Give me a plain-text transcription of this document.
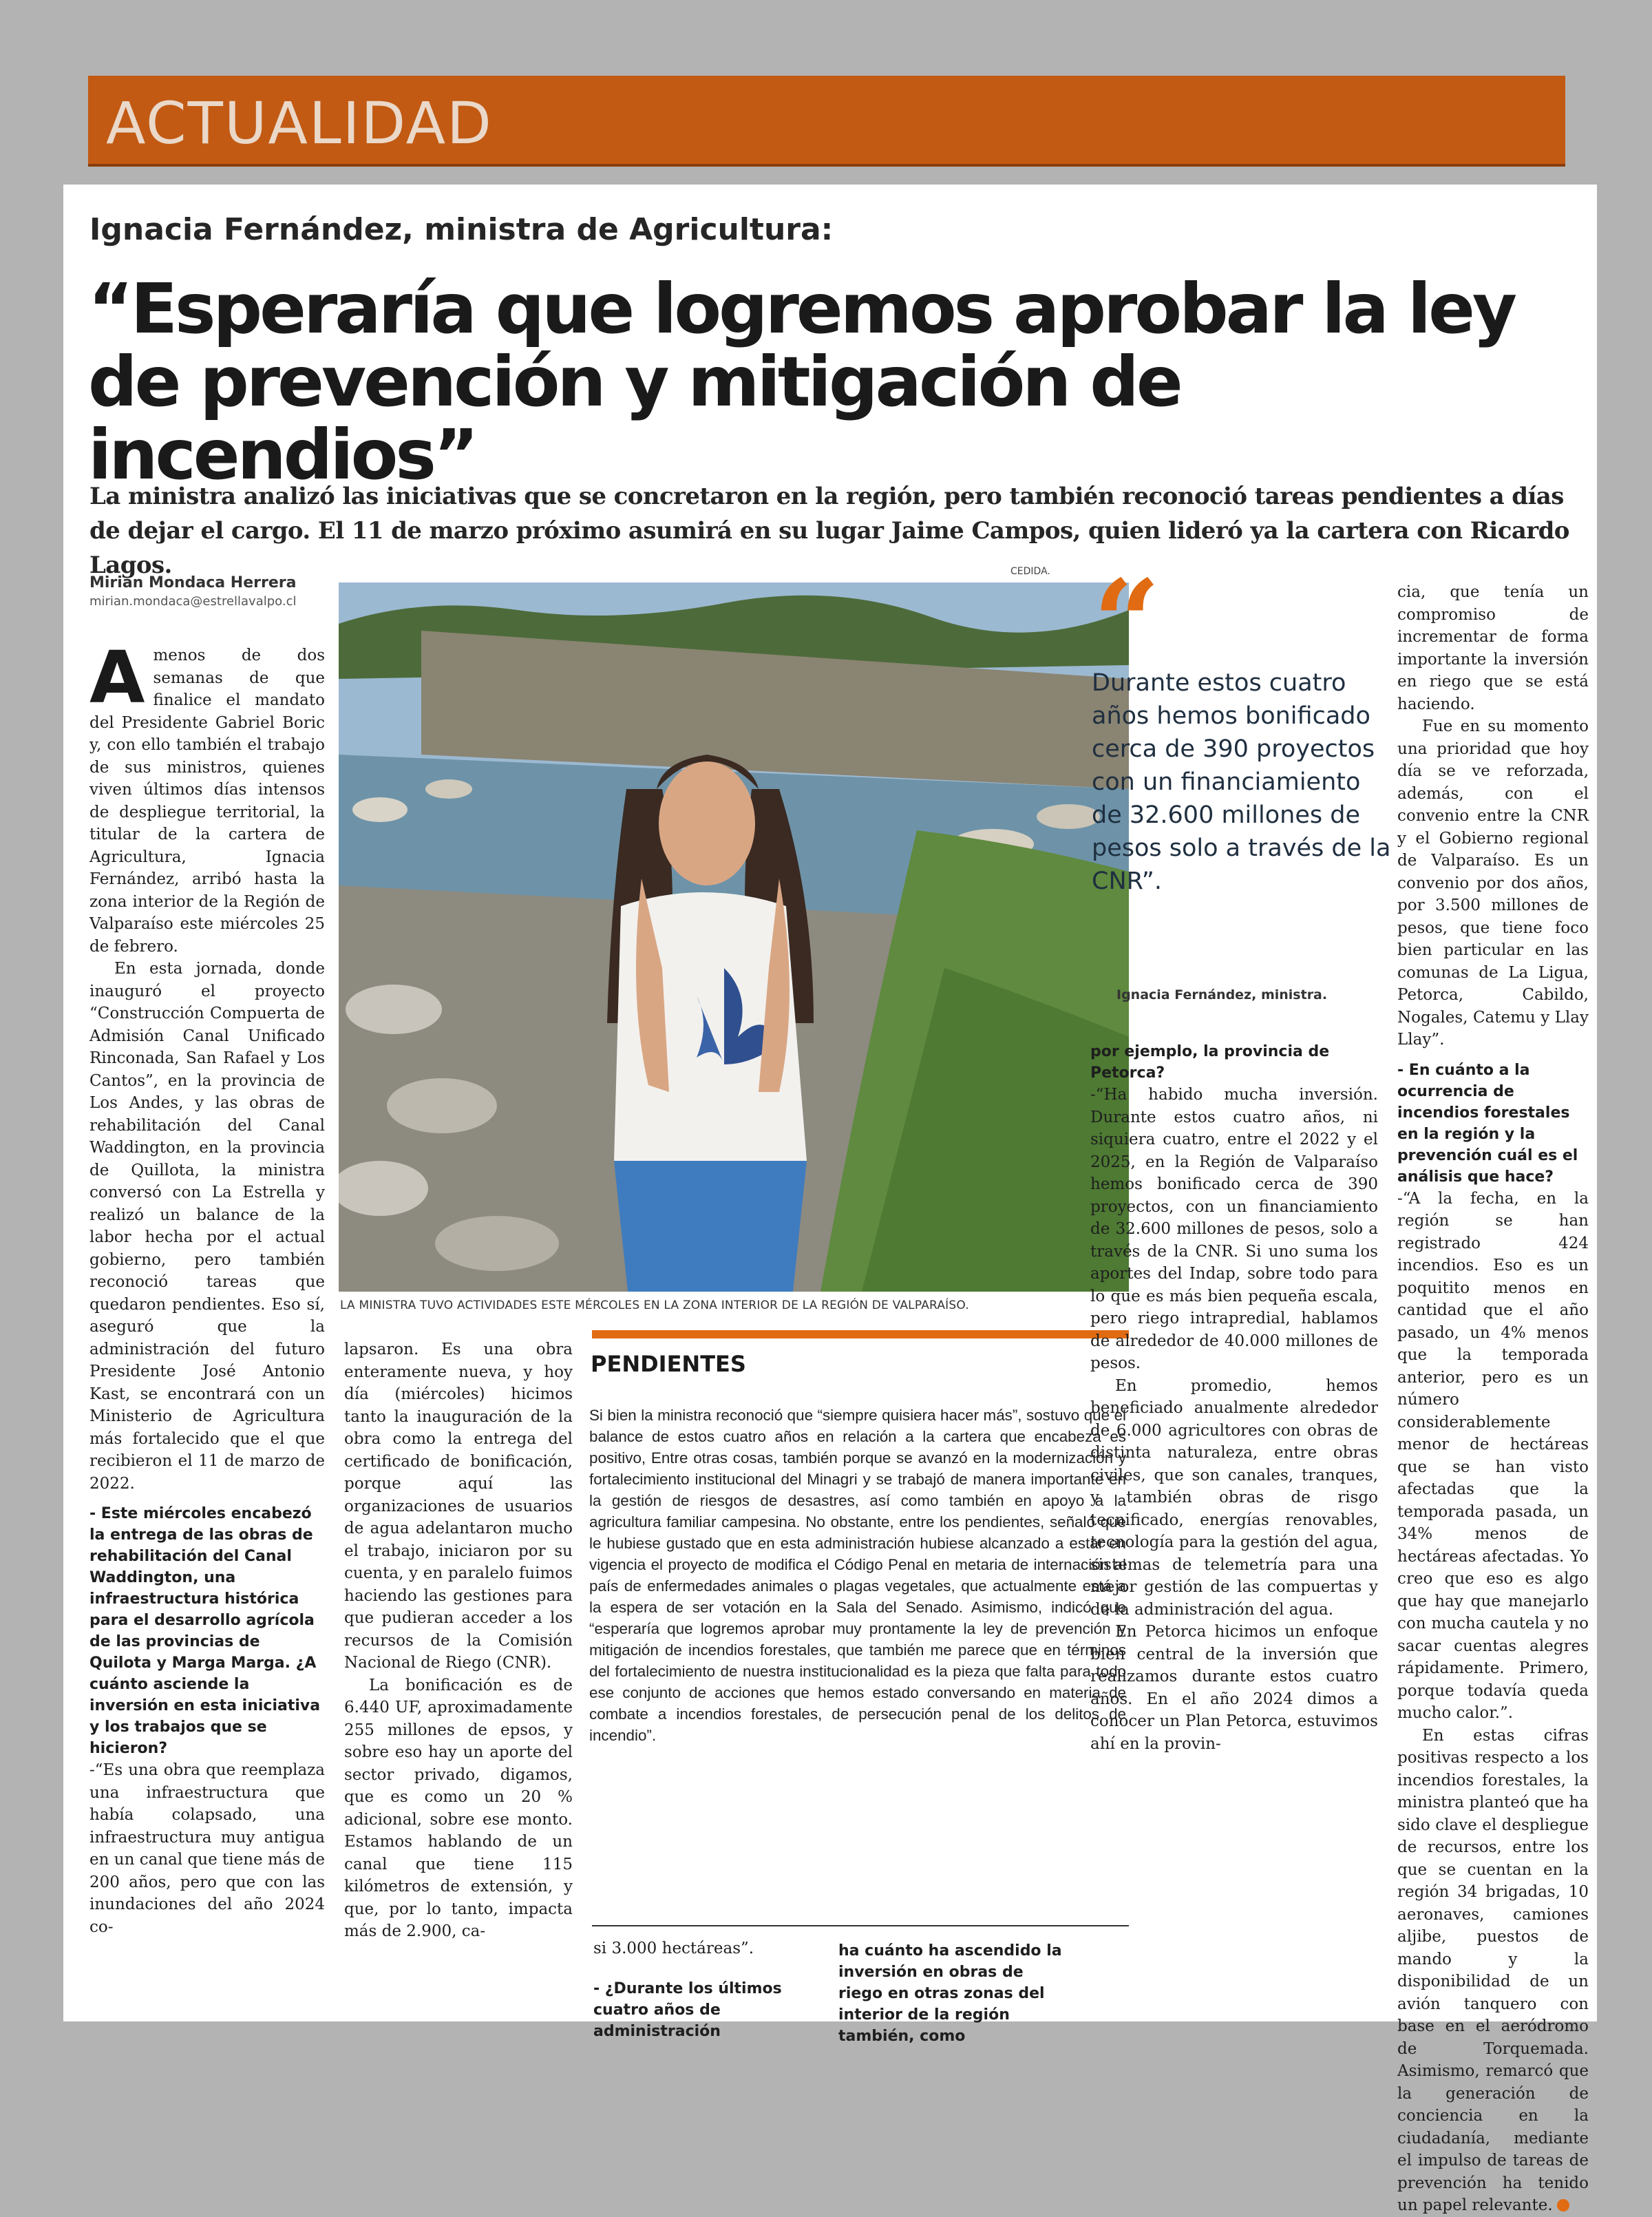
ACTUALIDAD
Ignacia Fernández, ministra de Agricultura:
“Esperaría que logremos aprobar la ley de prevención y mitigación de incendios”

La ministra analizó las iniciativas que se concretaron en la región, pero también reconoció tareas pendientes a días de dejar el cargo. El 11 de marzo próximo asumirá en su lugar Jaime Campos, quien lideró ya la cartera con Ricardo Lagos.

Mirian Mondaca Herrera
mirian.mondaca@estrellavalpo.cl

Amenos de dos semanas de que finalice el mandato del Presidente Gabriel Boric y, con ello también el trabajo de sus ministros, quienes viven últimos días intensos de despliegue territorial, la titular de la cartera de Agricultura, Ignacia Fernández, arribó hasta la zona interior de la Región de Valparaíso este miércoles 25 de febrero.

En esta jornada, donde inauguró el proyecto “Construcción Compuerta de Admisión Canal Unificado Rinconada, San Rafael y Los Cantos”, en la provincia de Los Andes, y las obras de rehabilitación del Canal Waddington, en la provincia de Quillota, la ministra conversó con La Estrella y realizó un balance de la labor hecha por el actual gobierno, pero también reconoció tareas que quedaron pendientes. Eso sí, aseguró que la administración del futuro Presidente José Antonio Kast, se encontrará con un Ministerio de Agricultura más fortalecido que el que recibieron el 11 de marzo de 2022.

- Este miércoles encabezó la entrega de las obras de rehabilitación del Canal Waddington, una infraestructura histórica para el desarrollo agrícola de las provincias de Quilota y Marga Marga. ¿A cuánto asciende la inversión en esta iniciativa y los trabajos que se hicieron?

-“Es una obra que reemplaza una infraestructura que había colapsado, una infraestructura muy antigua en un canal que tiene más de 200 años, pero que con las inundaciones del año 2024 co-

CEDIDA.
LA MINISTRA TUVO ACTIVIDADES ESTE MÉRCOLES EN LA ZONA INTERIOR DE LA REGIÓN DE VALPARAÍSO.
“

Durante estos cuatro años hemos bonificado cerca de 390 proyectos con un financiamiento de 32.600 millones de pesos solo a través de la CNR”.

Ignacia Fernández, ministra.

lapsaron. Es una obra enteramente nueva, y hoy día (miércoles) hicimos tanto la inauguración de la obra como la entrega del certificado de bonificación, porque aquí las organizaciones de usuarios de agua adelantaron mucho el trabajo, iniciaron por su cuenta, y en paralelo fuimos haciendo las gestiones para que pudieran acceder a los recursos de la Comisión Nacional de Riego (CNR).

La bonificación es de 6.440 UF, aproximadamente 255 millones de epsos, y sobre eso hay un aporte del sector privado, digamos, que es como un 20 % adicional, sobre ese monto. Estamos hablando de un canal que tiene 115 kilómetros de extensión, y que, por lo tanto, impacta más de 2.900, ca-

PENDIENTES

Si bien la ministra reconoció que “siempre quisiera hacer más”, sostuvo que el balance de estos cuatro años en relación a la cartera que encabeza es positivo, Entre otras cosas, también porque se avanzó en la modernización y fortalecimiento institucional del Minagri y se trabajó de manera importante en la gestión de riesgos de desastres, así como también en apoyo a la agricultura familiar campesina. No obstante, entre los pendientes, señaló que le hubiese gustado que en esta administración hubiese alcanzado a estar en vigencia el proyecto de modifica el Código Penal en metaria de internación al país de enfermedades animales o plagas vegetales, que actualmente está a la espera de ser votación en la Sala del Senado. Asimismo, indicó que “esperaría que logremos aprobar muy prontamente la ley de prevención y mitigación de incendios forestales, que también me parece que en términos del fortalecimiento de nuestra institucionalidad es la pieza que falta para todo ese conjunto de acciones que hemos estado conversando en materia de combate a incendios forestales, de persecución penal de los delitos de incendio”.

si 3.000 hectáreas”.

- ¿Durante los últimos cuatro años de administración

ha cuánto ha ascendido la inversión en obras de riego en otras zonas del interior de la región también, como

por ejemplo, la provincia de Petorca?

-“Ha habido mucha inversión. Durante estos cuatro años, ni siquiera cuatro, entre el 2022 y el 2025, en la Región de Valparaíso hemos bonificado cerca de 390 proyectos, con un financiamiento de 32.600 millones de pesos, solo a través de la CNR. Si uno suma los aportes del Indap, sobre todo para lo que es más bien pequeña escala, pero riego intrapredial, hablamos de alrededor de 40.000 millones de pesos.

En promedio, hemos beneficiado anualmente alrededor de 6.000 agricultores con obras de distinta naturaleza, entre obras civiles, que son canales, tranques, y también obras de risgo tecnificado, energías renovables, tecnología para la gestión del agua, sistemas de telemetría para una mejor gestión de las compuertas y de la administración del agua.

En Petorca hicimos un enfoque bien central de la inversión que realizamos durante estos cuatro años. En el año 2024 dimos a conocer un Plan Petorca, estuvimos ahí en la provin-

cia, que tenía un compromiso de incrementar de forma importante la inversión en riego que se está haciendo.

Fue en su momento una prioridad que hoy día se ve reforzada, además, con el convenio entre la CNR y el Gobierno regional de Valparaíso. Es un convenio por dos años, por 3.500 millones de pesos, que tiene foco bien particular en las comunas de La Ligua, Petorca, Cabildo, Nogales, Catemu y Llay Llay”.

- En cuánto a la ocurrencia de incendios forestales en la región y la prevención cuál es el análisis que hace?

-“A la fecha, en la región se han registrado 424 incendios. Eso es un poquitito menos en cantidad que el año pasado, un 4% menos que la temporada anterior, pero es un número considerablemente menor de hectáreas que se han visto afectadas que la temporada pasada, un 34% menos de hectáreas afectadas. Yo creo que eso es algo que hay que manejarlo con mucha cautela y no sacar cuentas alegres rápidamente. Primero, porque todavía queda mucho calor.”.

En estas cifras positivas respecto a los incendios forestales, la ministra planteó que ha sido clave el despliegue de recursos, entre los que se cuentan en la región 34 brigadas, 10 aeronaves, camiones aljibe, puestos de mando y la disponibilidad de un avión tanquero con base en el aeródromo de Torquemada. Asimismo, remarcó que la generación de conciencia en la ciudadanía, mediante el impulso de tareas de prevención ha tenido un papel relevante.
